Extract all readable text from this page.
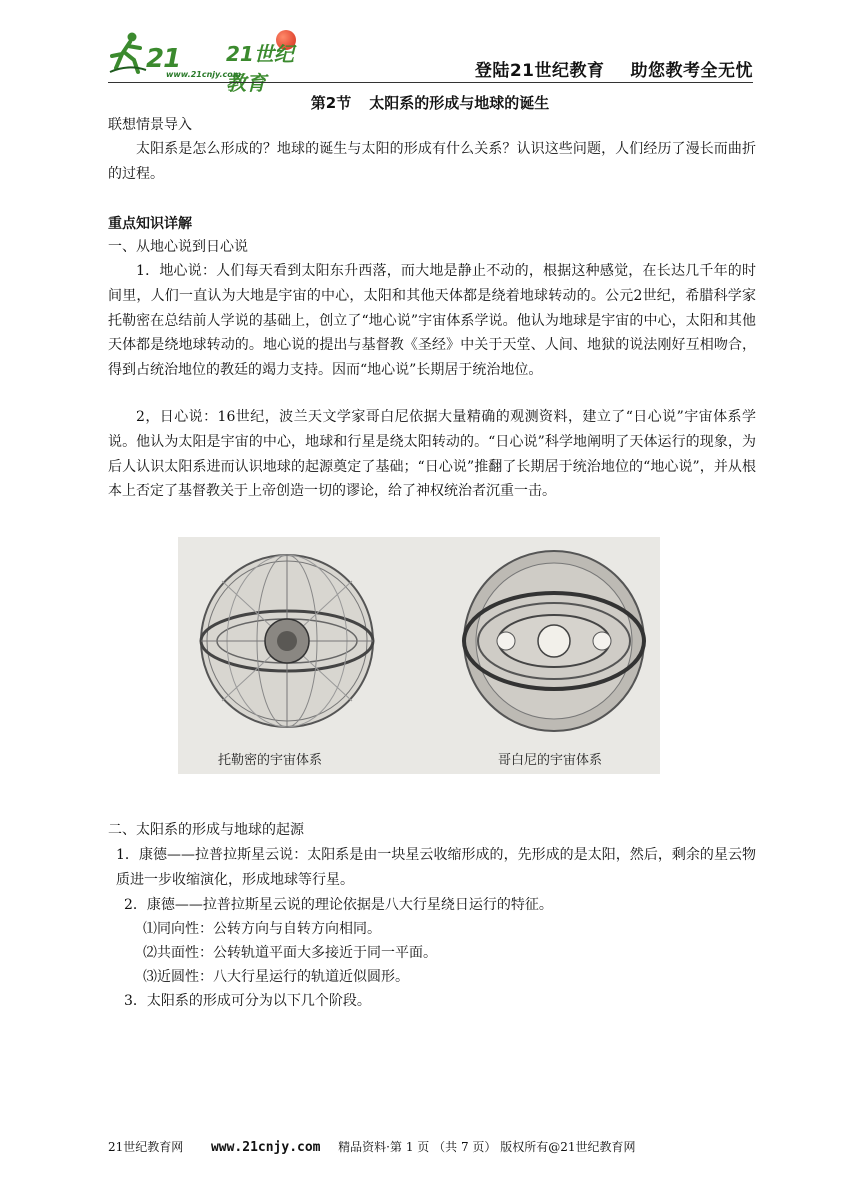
21 21世纪教育
www.21cnjy.com	登陆21世纪教育 助您教考全无忧
第2节 太阳系的形成与地球的诞生
联想情景导入
太阳系是怎么形成的？地球的诞生与太阳的形成有什么关系？认识这些问题，人们经历了漫长而曲折的过程。
重点知识详解
一、从地心说到日心说
1．地心说：人们每天看到太阳东升西落，而大地是静止不动的，根据这种感觉，在长达几千年的时间里，人们一直认为大地是宇宙的中心，太阳和其他天体都是绕着地球转动的。公元2世纪，希腊科学家托勒密在总结前人学说的基础上，创立了“地心说”宇宙体系学说。他认为地球是宇宙的中心，太阳和其他天体都是绕地球转动的。地心说的提出与基督教《圣经》中关于天堂、人间、地狱的说法刚好互相吻合，得到占统治地位的教廷的竭力支持。因而“地心说”长期居于统治地位。
2，日心说：16世纪，波兰天文学家哥白尼依据大量精确的观测资料，建立了“日心说”宇宙体系学说。他认为太阳是宇宙的中心，地球和行星是绕太阳转动的。“日心说”科学地阐明了天体运行的现象，为后人认识太阳系进而认识地球的起源奠定了基础；“日心说”推翻了长期居于统治地位的“地心说”，并从根本上否定了基督教关于上帝创造一切的谬论，给了神权统治者沉重一击。
托勒密的宇宙体系	哥白尼的宇宙体系
二、太阳系的形成与地球的起源
1．康德——拉普拉斯星云说：太阳系是由一块星云收缩形成的，先形成的是太阳，然后，剩余的星云物质进一步收缩演化，形成地球等行星。
2．康德——拉普拉斯星云说的理论依据是八大行星绕日运行的特征。
⑴同向性：公转方向与自转方向相同。
⑵共面性：公转轨道平面大多接近于同一平面。
⑶近圆性：八大行星运行的轨道近似圆形。
3．太阳系的形成可分为以下几个阶段。
21世纪教育网 www.21cnjy.com 精品资料·第 1 页 （共 7 页） 版权所有@21世纪教育网
